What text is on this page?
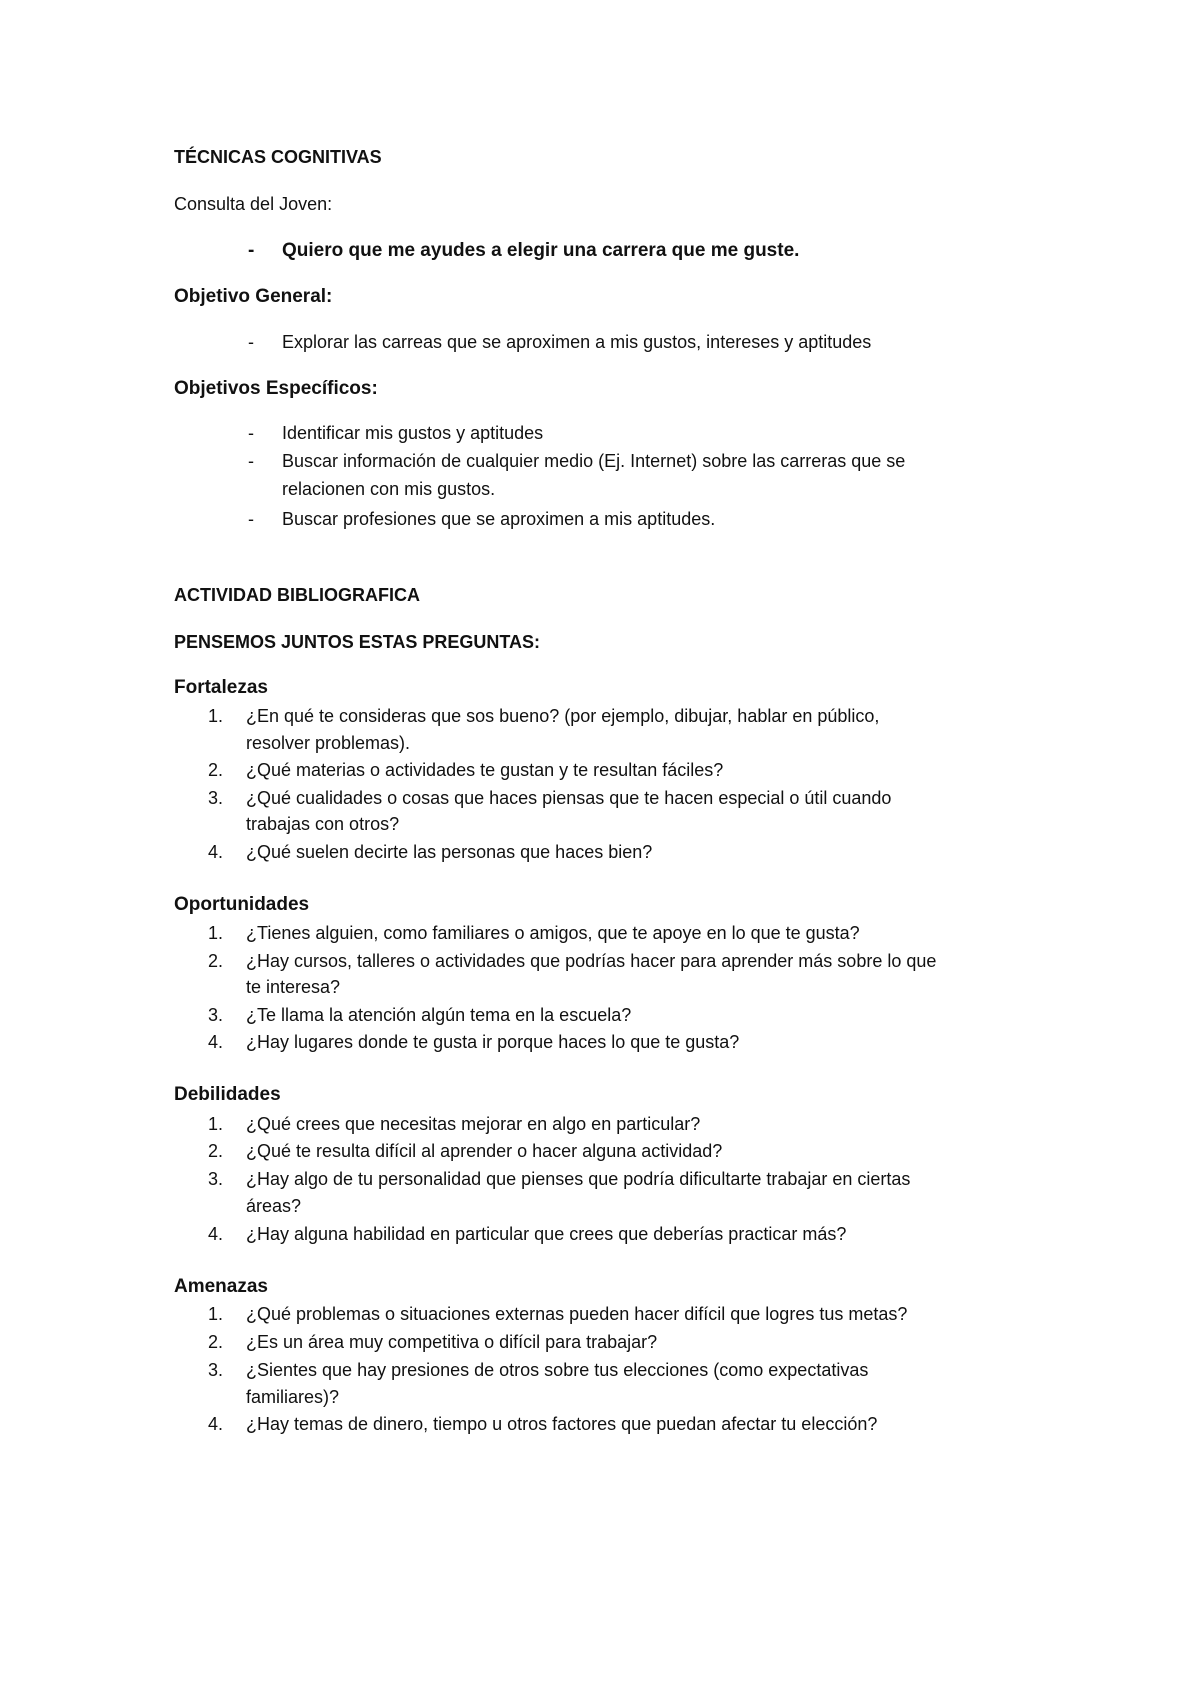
TÉCNICAS COGNITIVAS
Consulta del Joven:
- Quiero que me ayudes a elegir una carrera que me guste.
Objetivo General:
- Explorar las carreas que se aproximen a mis gustos, intereses y aptitudes
Objetivos Específicos:
- Identificar mis gustos y aptitudes
- Buscar información de cualquier medio (Ej. Internet) sobre las carreras que se
relacionen con mis gustos.
- Buscar profesiones que se aproximen a mis aptitudes.
ACTIVIDAD BIBLIOGRAFICA
PENSEMOS JUNTOS ESTAS PREGUNTAS:
Fortalezas
1.	¿En qué te consideras que sos bueno? (por ejemplo, dibujar, hablar en público,
resolver problemas).
2.	¿Qué materias o actividades te gustan y te resultan fáciles?
3.	¿Qué cualidades o cosas que haces piensas que te hacen especial o útil cuando
trabajas con otros?
4.	¿Qué suelen decirte las personas que haces bien?
Oportunidades
1.	¿Tienes alguien, como familiares o amigos, que te apoye en lo que te gusta?
2.	¿Hay cursos, talleres o actividades que podrías hacer para aprender más sobre lo que
te interesa?
3.	¿Te llama la atención algún tema en la escuela?
4.	¿Hay lugares donde te gusta ir porque haces lo que te gusta?
Debilidades
1.	¿Qué crees que necesitas mejorar en algo en particular?
2.	¿Qué te resulta difícil al aprender o hacer alguna actividad?
3.	¿Hay algo de tu personalidad que pienses que podría dificultarte trabajar en ciertas
áreas?
4.	¿Hay alguna habilidad en particular que crees que deberías practicar más?
Amenazas
1.	¿Qué problemas o situaciones externas pueden hacer difícil que logres tus metas?
2.	¿Es un área muy competitiva o difícil para trabajar?
3.	¿Sientes que hay presiones de otros sobre tus elecciones (como expectativas
familiares)?
4.	¿Hay temas de dinero, tiempo u otros factores que puedan afectar tu elección?
